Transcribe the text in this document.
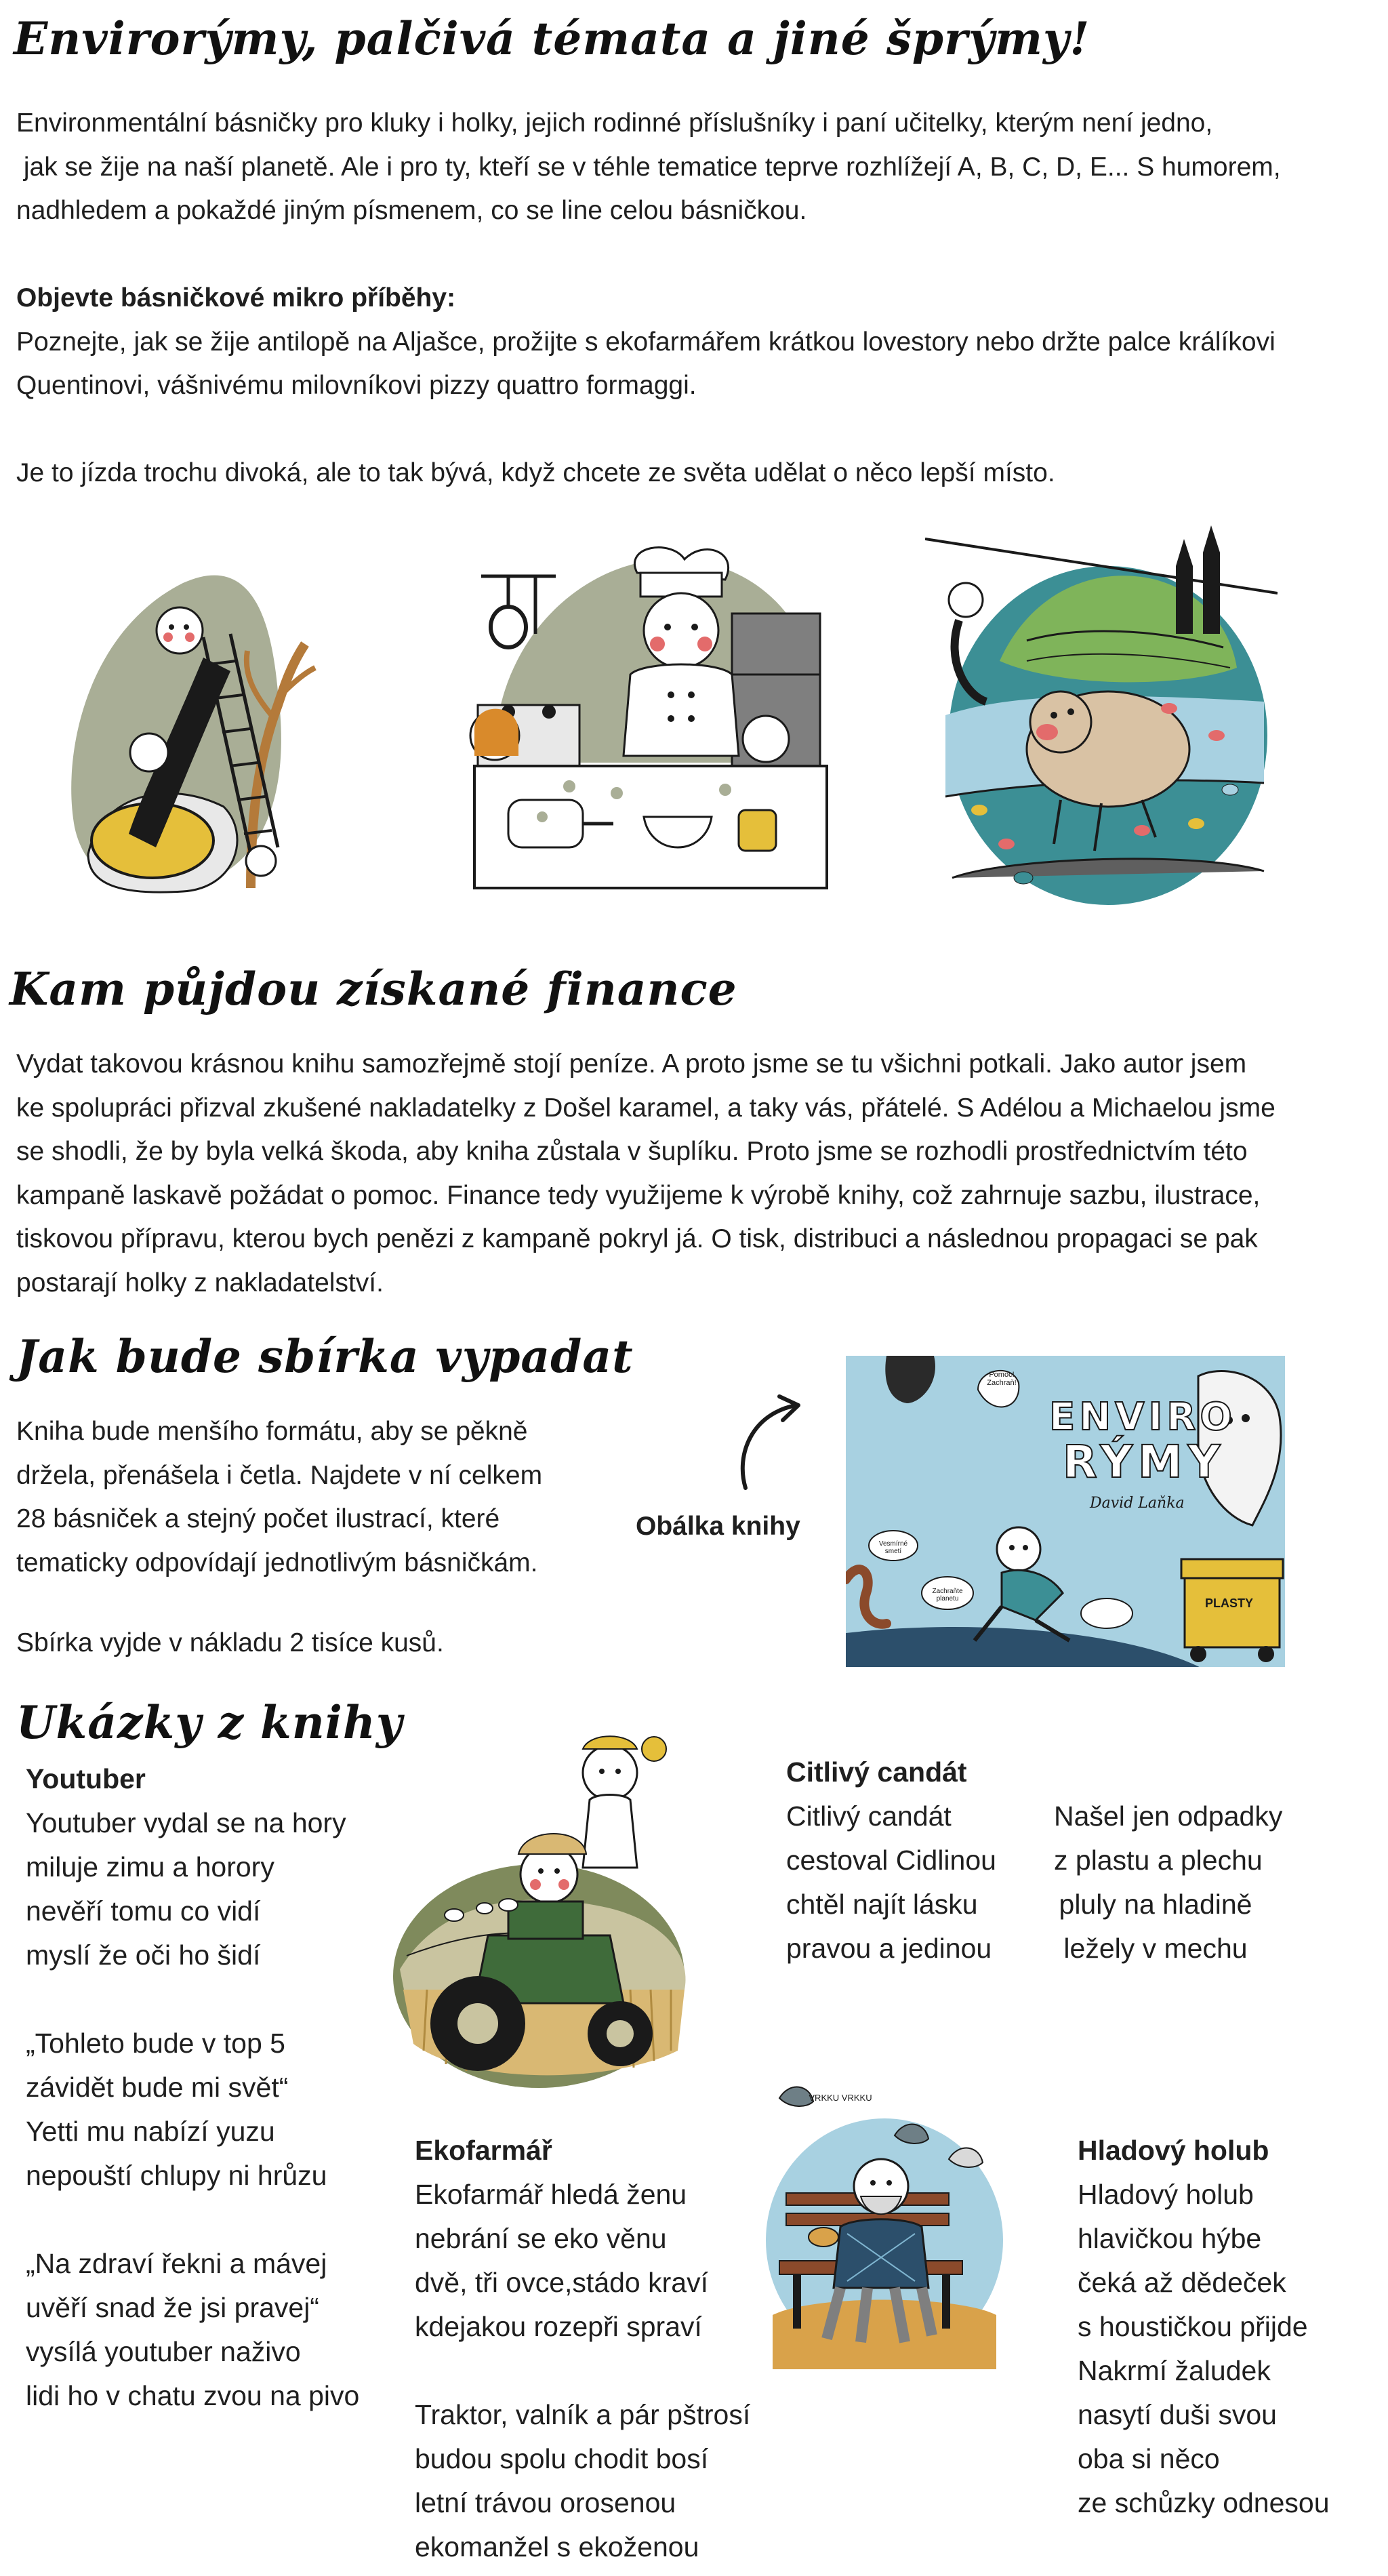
Envirorýmy, palčivá témata a jiné šprýmy!
Environmentální básničky pro kluky i holky, jejich rodinné příslušníky i paní učitelky, kterým není jedno,
jak se žije na naší planetě. Ale i pro ty, kteří se v téhle tematice teprve rozhlížejí A, B, C, D, E... S humorem,
nadhledem a pokaždé jiným písmenem, co se line celou básničkou.
Objevte básničkové mikro příběhy:
Poznejte, jak se žije antilopě na Aljašce, prožijte s ekofarmářem krátkou lovestory nebo držte palce králíkovi
Quentinovi, vášnivému milovníkovi pizzy quattro formaggi.
Je to jízda trochu divoká, ale to tak bývá, když chcete ze světa udělat o něco lepší místo.
Kam půjdou získané finance
Vydat takovou krásnou knihu samozřejmě stojí peníze. A proto jsme se tu všichni potkali. Jako autor jsem
ke spolupráci přizval zkušené nakladatelky z Došel karamel, a taky vás, přátelé. S Adélou a Michaelou jsme
se shodli, že by byla velká škoda, aby kniha zůstala v šuplíku. Proto jsme se rozhodli prostřednictvím této
kampaně laskavě požádat o pomoc. Finance tedy využijeme k výrobě knihy, což zahrnuje sazbu, ilustrace,
tiskovou přípravu, kterou bych penězi z kampaně pokryl já. O tisk, distribuci a následnou propagaci se pak
postarají holky z nakladatelství.
Jak bude sbírka vypadat
Kniha bude menšího formátu, aby se pěkně
držela, přenášela i četla. Najdete v ní celkem
28 básniček a stejný počet ilustrací, které
tematicky odpovídají jednotlivým básničkám.
Sbírka vyjde v nákladu 2 tisíce kusů.
Obálka knihy
ENVIRO
RÝMY
David Laňka
PLASTY
Pomoc! Zachraň!
Vesmírné smetí
Zachraňte planetu
Ukázky z knihy
Youtuber
Youtuber vydal se na hory
miluje zimu a horory
nevěří tomu co vidí
myslí že oči ho šidí
„Tohleto bude v top 5
závidět bude mi svět“
Yetti mu nabízí yuzu
nepouští chlupy ni hrůzu
„Na zdraví řekni a mávej
uvěří snad že jsi pravej“
vysílá youtuber naživo
lidi ho v chatu zvou na pivo
Citlivý candát
Citlivý candát
cestoval Cidlinou
chtěl najít lásku
pravou a jedinou
Našel jen odpadky
z plastu a plechu
pluly na hladině
ležely v mechu
Ekofarmář
Ekofarmář hledá ženu
nebrání se eko věnu
dvě, tři ovce,stádo kraví
kdejakou rozepři spraví
Traktor, valník a pár pštrosí
budou spolu chodit bosí
letní trávou orosenou
ekomanžel s ekoženou
VRKKU VRKKU
Hladový holub
Hladový holub
hlavičkou hýbe
čeká až dědeček
s houstičkou přijde
Nakrmí žaludek
nasytí duši svou
oba si něco
ze schůzky odnesou
